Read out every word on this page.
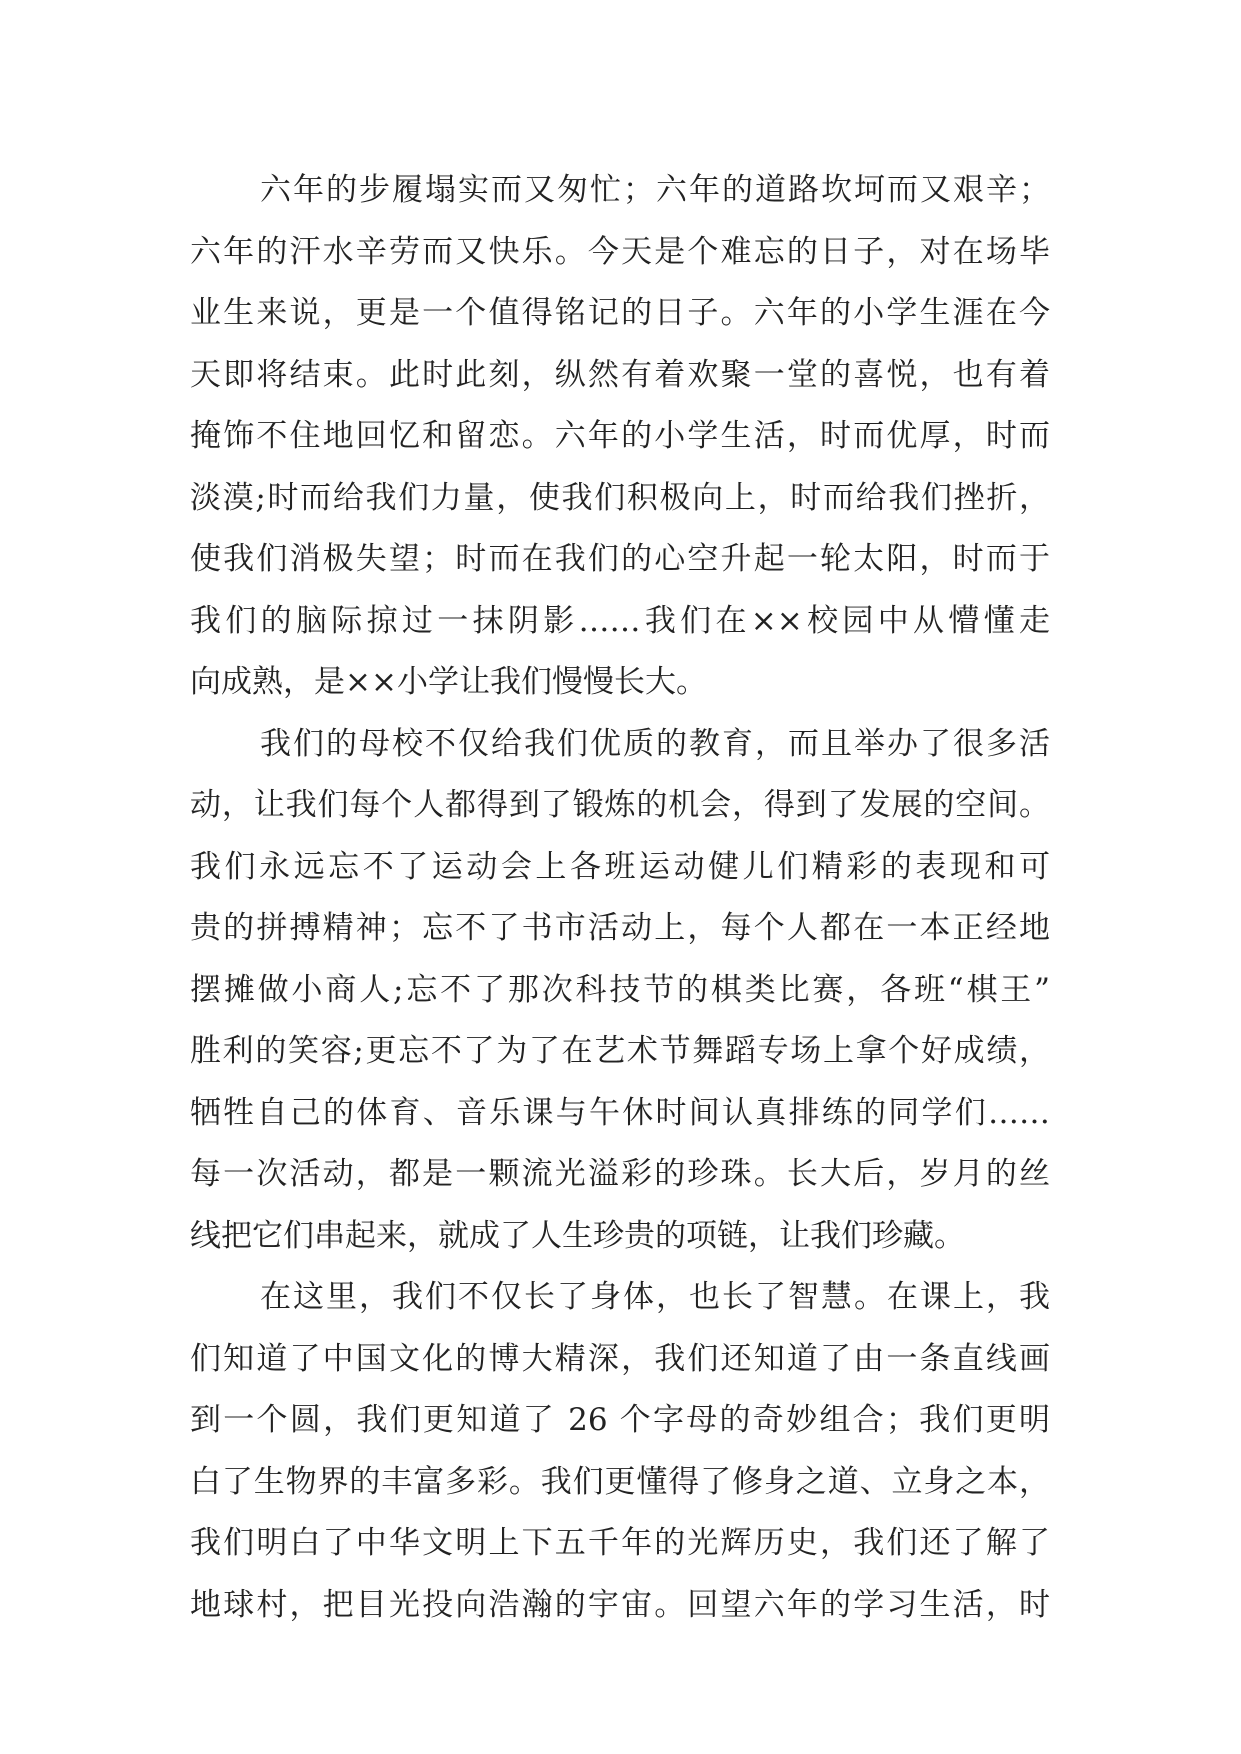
六年的步履塌实而又匆忙；六年的道路坎坷而又艰辛；
六年的汗水辛劳而又快乐。今天是个难忘的日子，对在场毕
业生来说，更是一个值得铭记的日子。六年的小学生涯在今
天即将结束。此时此刻，纵然有着欢聚一堂的喜悦，也有着
掩饰不住地回忆和留恋。六年的小学生活，时而优厚，时而
淡漠;时而给我们力量，使我们积极向上，时而给我们挫折，
使我们消极失望；时而在我们的心空升起一轮太阳，时而于
我们的脑际掠过一抹阴影……我们在××校园中从懵懂走
向成熟，是××小学让我们慢慢长大。
我们的母校不仅给我们优质的教育，而且举办了很多活
动，让我们每个人都得到了锻炼的机会，得到了发展的空间。
我们永远忘不了运动会上各班运动健儿们精彩的表现和可
贵的拼搏精神；忘不了书市活动上，每个人都在一本正经地
摆摊做小商人;忘不了那次科技节的棋类比赛，各班“棋王”
胜利的笑容;更忘不了为了在艺术节舞蹈专场上拿个好成绩，
牺牲自己的体育、音乐课与午休时间认真排练的同学们……
每一次活动，都是一颗流光溢彩的珍珠。长大后，岁月的丝
线把它们串起来，就成了人生珍贵的项链，让我们珍藏。
在这里，我们不仅长了身体，也长了智慧。在课上，我
们知道了中国文化的博大精深，我们还知道了由一条直线画
到一个圆，我们更知道了 26 个字母的奇妙组合；我们更明
白了生物界的丰富多彩。我们更懂得了修身之道、立身之本，
我们明白了中华文明上下五千年的光辉历史，我们还了解了
地球村，把目光投向浩瀚的宇宙。回望六年的学习生活，时
